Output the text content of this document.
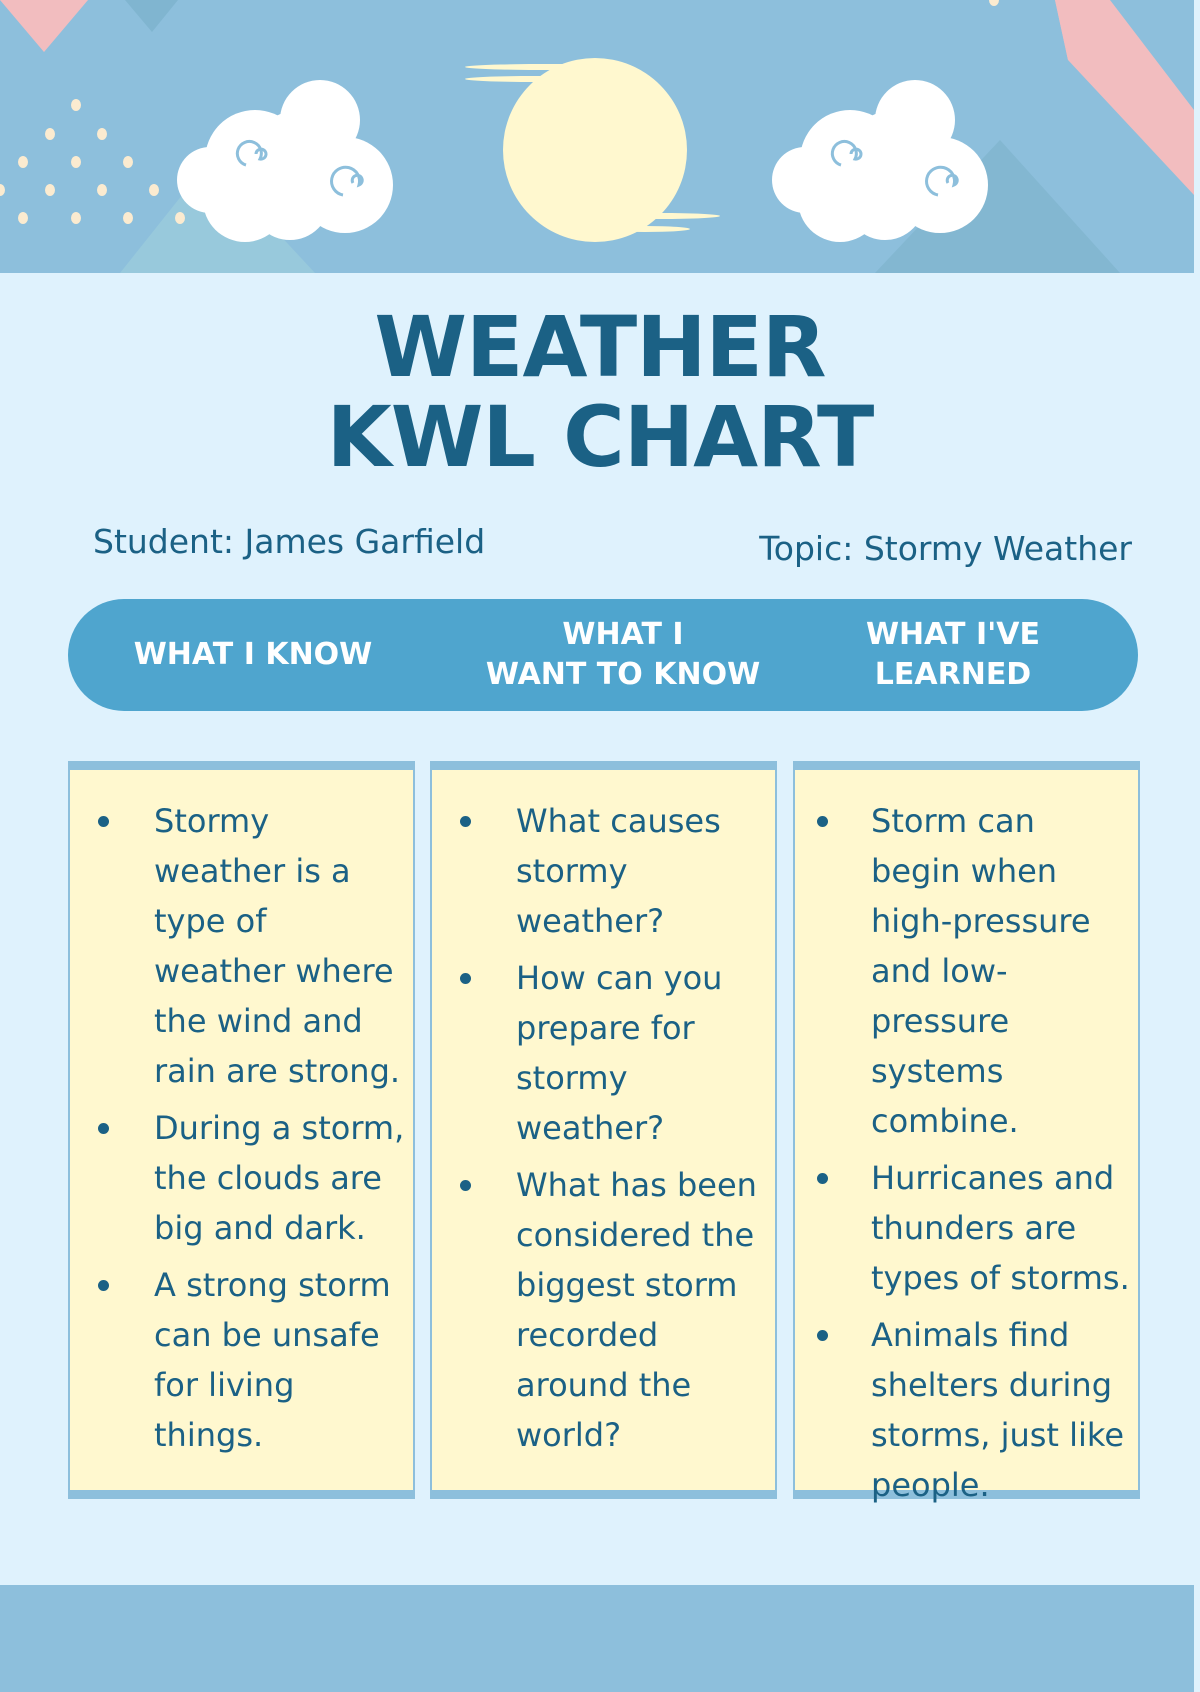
WEATHER
KWL CHART
Student: James Garfield	Topic: Stormy Weather
WHAT I KNOW
WHAT I
WANT TO KNOW
WHAT I'VE
LEARNED
Stormy weather is a type of weather where the wind and rain are strong.
During a storm, the clouds are big and dark.
A strong storm can be unsafe for living things.
What causes stormy weather?
How can you prepare for stormy weather?
What has been considered the biggest storm recorded around the world?
Storm can begin when high-pressure and low-pressure systems combine.
Hurricanes and thunders are types of storms.
Animals find shelters during storms, just like people.
